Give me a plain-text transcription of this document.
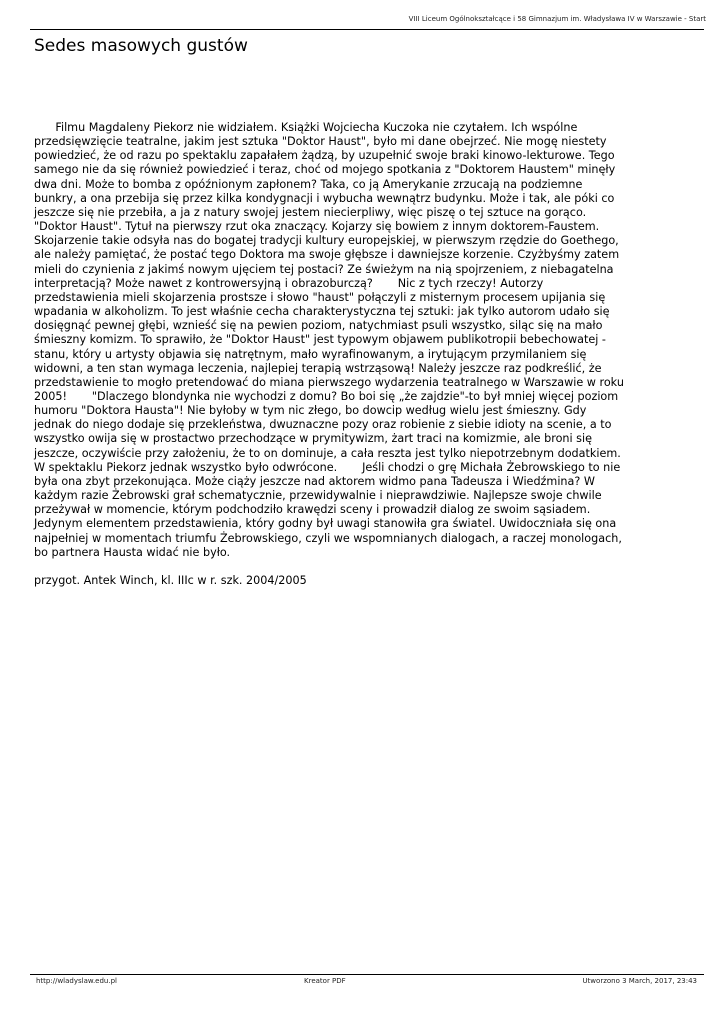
VIII Liceum Ogólnokształcące i 58 Gimnazjum im. Władysława IV w Warszawie - Start
Sedes masowych gustów
Filmu Magdaleny Piekorz nie widziałem. Książki Wojciecha Kuczoka nie czytałem. Ich wspólne
przedsięwzięcie teatralne, jakim jest sztuka "Doktor Haust", było mi dane obejrzeć. Nie mogę niestety
powiedzieć, że od razu po spektaklu zapałałem żądzą, by uzupełnić swoje braki kinowo-lekturowe. Tego
samego nie da się również powiedzieć i teraz, choć od mojego spotkania z "Doktorem Haustem" minęły
dwa dni. Może to bomba z opóźnionym zapłonem? Taka, co ją Amerykanie zrzucają na podziemne
bunkry, a ona przebija się przez kilka kondygnacji i wybucha wewnątrz budynku. Może i tak, ale póki co
jeszcze się nie przebiła, a ja z natury swojej jestem niecierpliwy, więc piszę o tej sztuce na gorąco.
"Doktor Haust". Tytuł na pierwszy rzut oka znaczący. Kojarzy się bowiem z innym doktorem-Faustem.
Skojarzenie takie odsyła nas do bogatej tradycji kultury europejskiej, w pierwszym rzędzie do Goethego,
ale należy pamiętać, że postać tego Doktora ma swoje głębsze i dawniejsze korzenie. Czyżbyśmy zatem
mieli do czynienia z jakimś nowym ujęciem tej postaci? Ze świeżym na nią spojrzeniem, z niebagatelna
interpretacją? Może nawet z kontrowersyjną i obrazoburczą?       Nic z tych rzeczy! Autorzy
przedstawienia mieli skojarzenia prostsze i słowo "haust" połączyli z misternym procesem upijania się
wpadania w alkoholizm. To jest właśnie cecha charakterystyczna tej sztuki: jak tylko autorom udało się
dosięgnąć pewnej głębi, wznieść się na pewien poziom, natychmiast psuli wszystko, siląc się na mało
śmieszny komizm. To sprawiło, że "Doktor Haust" jest typowym objawem publikotropii bebechowatej -
stanu, który u artysty objawia się natrętnym, mało wyrafinowanym, a irytującym przymilaniem się
widowni, a ten stan wymaga leczenia, najlepiej terapią wstrząsową! Należy jeszcze raz podkreślić, że
przedstawienie to mogło pretendować do miana pierwszego wydarzenia teatralnego w Warszawie w roku
2005!       "Dlaczego blondynka nie wychodzi z domu? Bo boi się „że zajdzie"-to był mniej więcej poziom
humoru "Doktora Hausta"! Nie byłoby w tym nic złego, bo dowcip według wielu jest śmieszny. Gdy
jednak do niego dodaje się przekleństwa, dwuznaczne pozy oraz robienie z siebie idioty na scenie, a to
wszystko owija się w prostactwo przechodzące w prymitywizm, żart traci na komizmie, ale broni się
jeszcze, oczywiście przy założeniu, że to on dominuje, a cała reszta jest tylko niepotrzebnym dodatkiem.
W spektaklu Piekorz jednak wszystko było odwrócone.       Jeśli chodzi o grę Michała Żebrowskiego to nie
była ona zbyt przekonująca. Może ciąży jeszcze nad aktorem widmo pana Tadeusza i Wiedźmina? W
każdym razie Żebrowski grał schematycznie, przewidywalnie i nieprawdziwie. Najlepsze swoje chwile
przeżywał w momencie, którym podchodziło krawędzi sceny i prowadził dialog ze swoim sąsiadem.
Jedynym elementem przedstawienia, który godny był uwagi stanowiła gra światel. Uwidoczniała się ona
najpełniej w momentach triumfu Żebrowskiego, czyli we wspomnianych dialogach, a raczej monologach,
bo partnera Hausta widać nie było.

przygot. Antek Winch, kl. IIIc w r. szk. 2004/2005
http://wladyslaw.edu.pl	Kreator PDF	Utworzono 3 March, 2017, 23:43
